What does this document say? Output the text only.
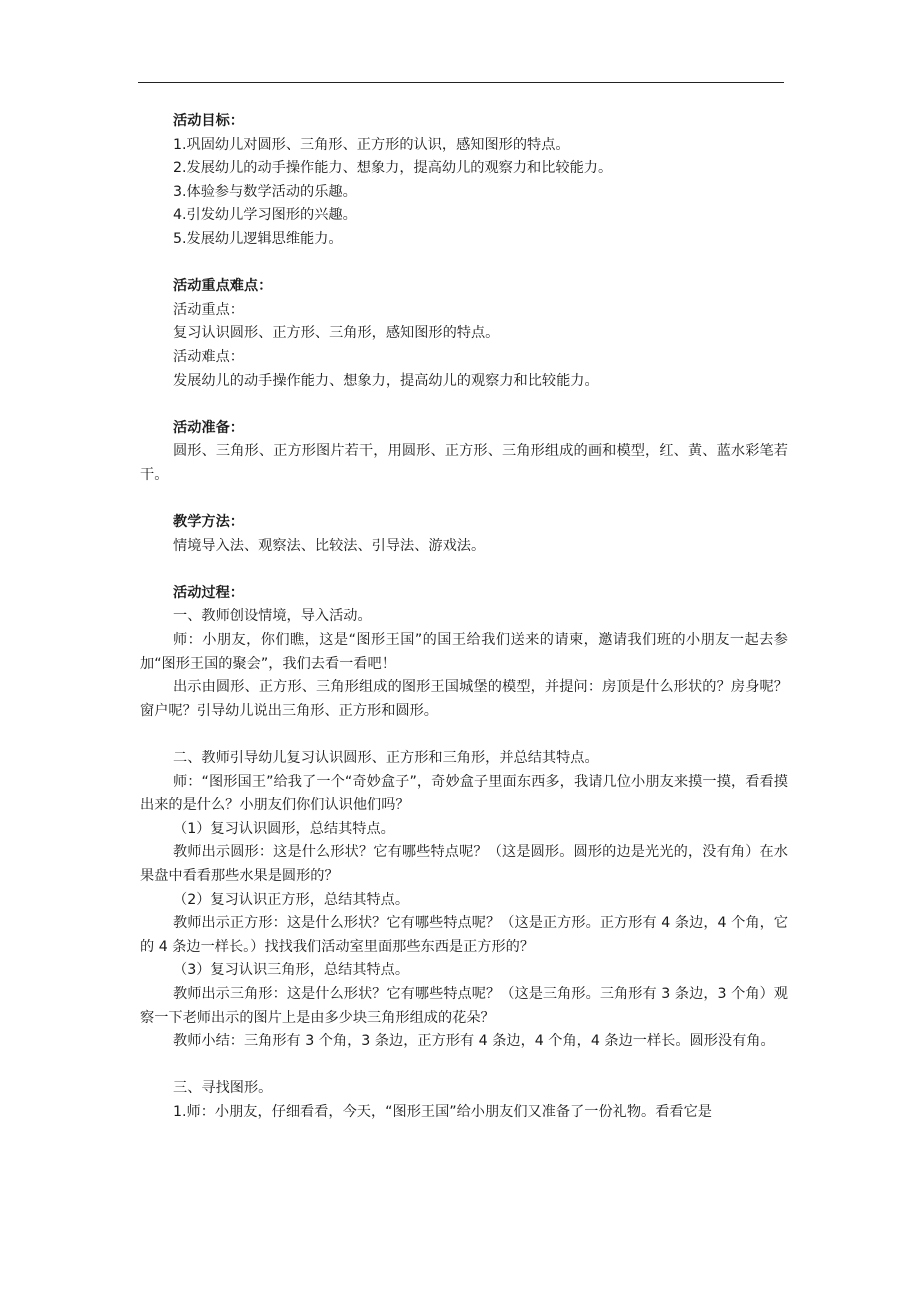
活动目标：

1.巩固幼儿对圆形、三角形、正方形的认识，感知图形的特点。

2.发展幼儿的动手操作能力、想象力，提高幼儿的观察力和比较能力。

3.体验参与数学活动的乐趣。

4.引发幼儿学习图形的兴趣。

5.发展幼儿逻辑思维能力。

活动重点难点：

活动重点：

复习认识圆形、正方形、三角形，感知图形的特点。

活动难点：

发展幼儿的动手操作能力、想象力，提高幼儿的观察力和比较能力。

活动准备：

圆形、三角形、正方形图片若干，用圆形、正方形、三角形组成的画和模型，红、黄、蓝水彩笔若干。

教学方法：

情境导入法、观察法、比较法、引导法、游戏法。

活动过程：

一、教师创设情境，导入活动。

师：小朋友，你们瞧，这是“图形王国”的国王给我们送来的请柬，邀请我们班的小朋友一起去参加“图形王国的聚会”，我们去看一看吧！

出示由圆形、正方形、三角形组成的图形王国城堡的模型，并提问：房顶是什么形状的？房身呢？窗户呢？引导幼儿说出三角形、正方形和圆形。

二、教师引导幼儿复习认识圆形、正方形和三角形，并总结其特点。

师：“图形国王”给我了一个“奇妙盒子”，奇妙盒子里面东西多，我请几位小朋友来摸一摸，看看摸出来的是什么？小朋友们你们认识他们吗？

（1）复习认识圆形，总结其特点。

教师出示圆形：这是什么形状？它有哪些特点呢？（这是圆形。圆形的边是光光的，没有角）在水果盘中看看那些水果是圆形的？

（2）复习认识正方形，总结其特点。

教师出示正方形：这是什么形状？它有哪些特点呢？（这是正方形。正方形有 4 条边，4 个角，它的 4 条边一样长。）找找我们活动室里面那些东西是正方形的？

（3）复习认识三角形，总结其特点。

教师出示三角形：这是什么形状？它有哪些特点呢？（这是三角形。三角形有 3 条边，3 个角）观察一下老师出示的图片上是由多少块三角形组成的花朵？

教师小结：三角形有 3 个角，3 条边，正方形有 4 条边，4 个角，4 条边一样长。圆形没有角。

三、寻找图形。

1.师：小朋友，仔细看看，今天，“图形王国”给小朋友们又准备了一份礼物。看看它是
